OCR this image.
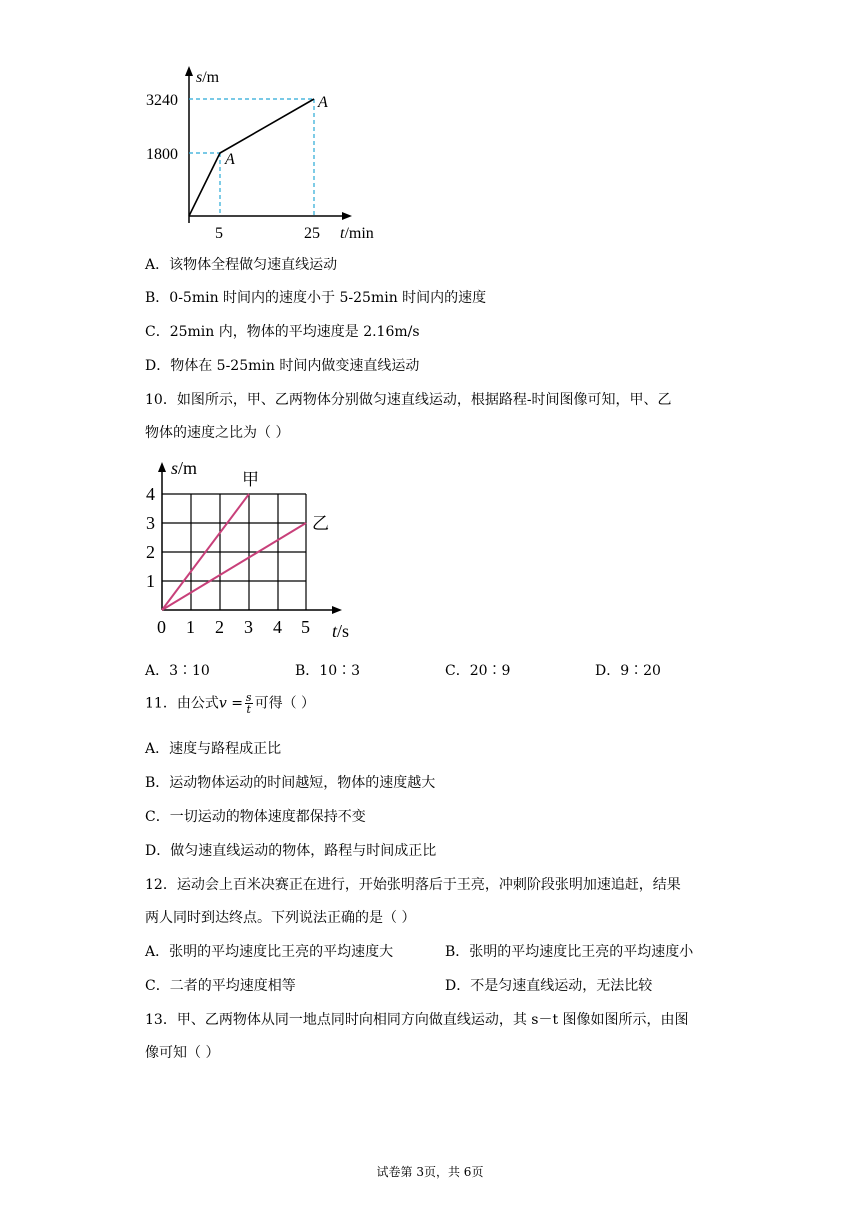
s/m
3240
1800
5	25 t/min
A
A
A．该物体全程做匀速直线运动
B．0-5min 时间内的速度小于 5-25min 时间内的速度
C．25min 内，物体的平均速度是 2.16m/s
D．物体在 5-25min 时间内做变速直线运动
10．如图所示，甲、乙两物体分别做匀速直线运动，根据路程-时间图像可知，甲、乙
物体的速度之比为（ ）
s/m
甲
乙
4
3
2
1
0 1 2 3 4 5 t/s
A．3∶10	B．10∶3	C．20∶9	D．9∶20
11．由公式$v = \frac{s}{t}$ 可得（ ）
A．速度与路程成正比
B．运动物体运动的时间越短，物体的速度越大
C．一切运动的物体速度都保持不变
D．做匀速直线运动的物体，路程与时间成正比
12．运动会上百米决赛正在进行，开始张明落后于王亮，冲刺阶段张明加速追赶，结果
两人同时到达终点。下列说法正确的是（ ）
A．张明的平均速度比王亮的平均速度大	B．张明的平均速度比王亮的平均速度小
C．二者的平均速度相等	D．不是匀速直线运动，无法比较
13．甲、乙两物体从同一地点同时向相同方向做直线运动，其 s－t 图像如图所示，由图
像可知（ ）
试卷第 3页，共 6页
